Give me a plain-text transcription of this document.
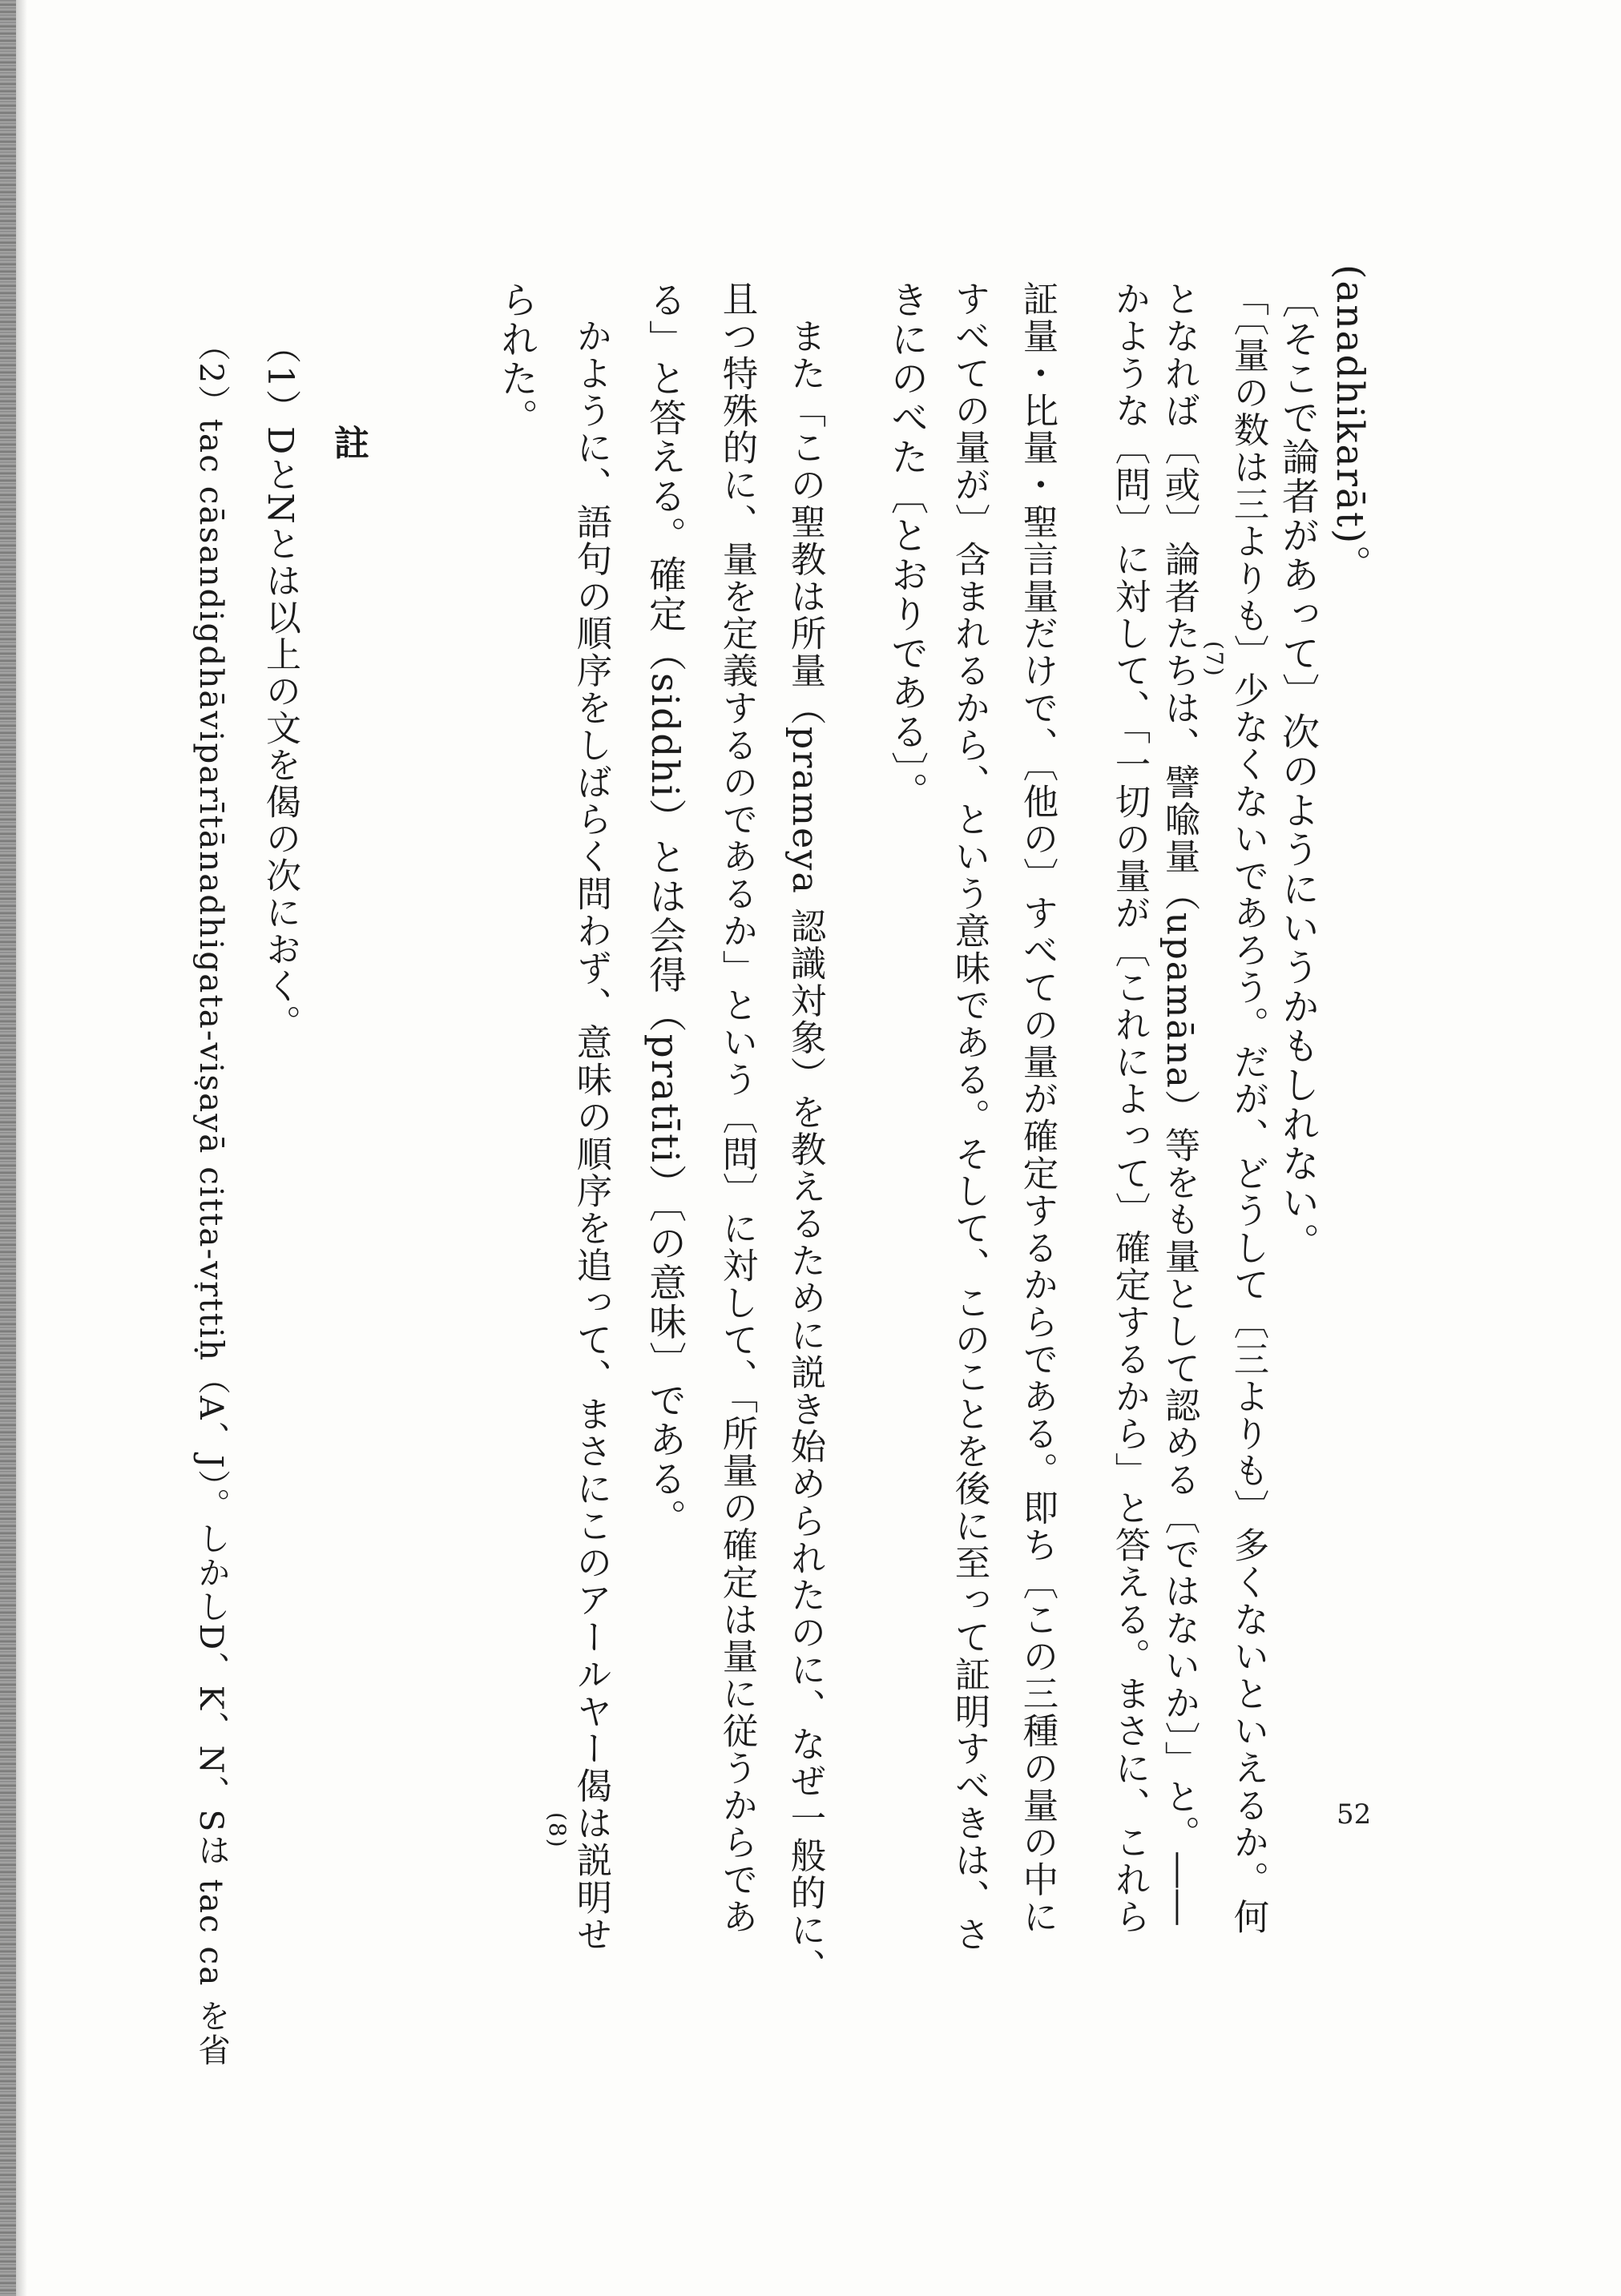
(anadhikarāt)。
〔そこで論者があって〕次のようにいうかもしれない。
「〔量の数は三よりも〕少なくないであろう。だが、どうして〔三よりも〕多くないといえるか。何
となれば〔或〕論者たちは、譬喩量（upamāna）等をも量として認める〔ではないか〕」と。――
かような〔問〕に対して、「一切の量が〔これによって〕確定するから」と答える。まさに、これら
証量・比量・聖言量だけで、〔他の〕すべての量が確定するからである。即ち〔この三種の量の中に
すべての量が〕含まれるから、という意味である。そして、このことを後に至って証明すべきは、さ
きにのべた〔とおりである〕。
　また「この聖教は所量（prameya 認識対象）を教えるために説き始められたのに、なぜ一般的に、
且つ特殊的に、量を定義するのであるか」という〔問〕に対して、「所量の確定は量に従うからであ
る」と答える。確定（siddhi）とは会得（pratīti）〔の意味〕である。
　かように、語句の順序をしばらく問わず、意味の順序を追って、まさにこのアールヤー偈は説明せ
られた。
(7)
(8)
註
（1）DとNとは以上の文を偈の次におく。
（2）tac cāsandigdhāviparītānadhigata-viṣayā citta-vṛttiḥ（A、J）。しかしD、K、N、Sは tac ca を省	52
